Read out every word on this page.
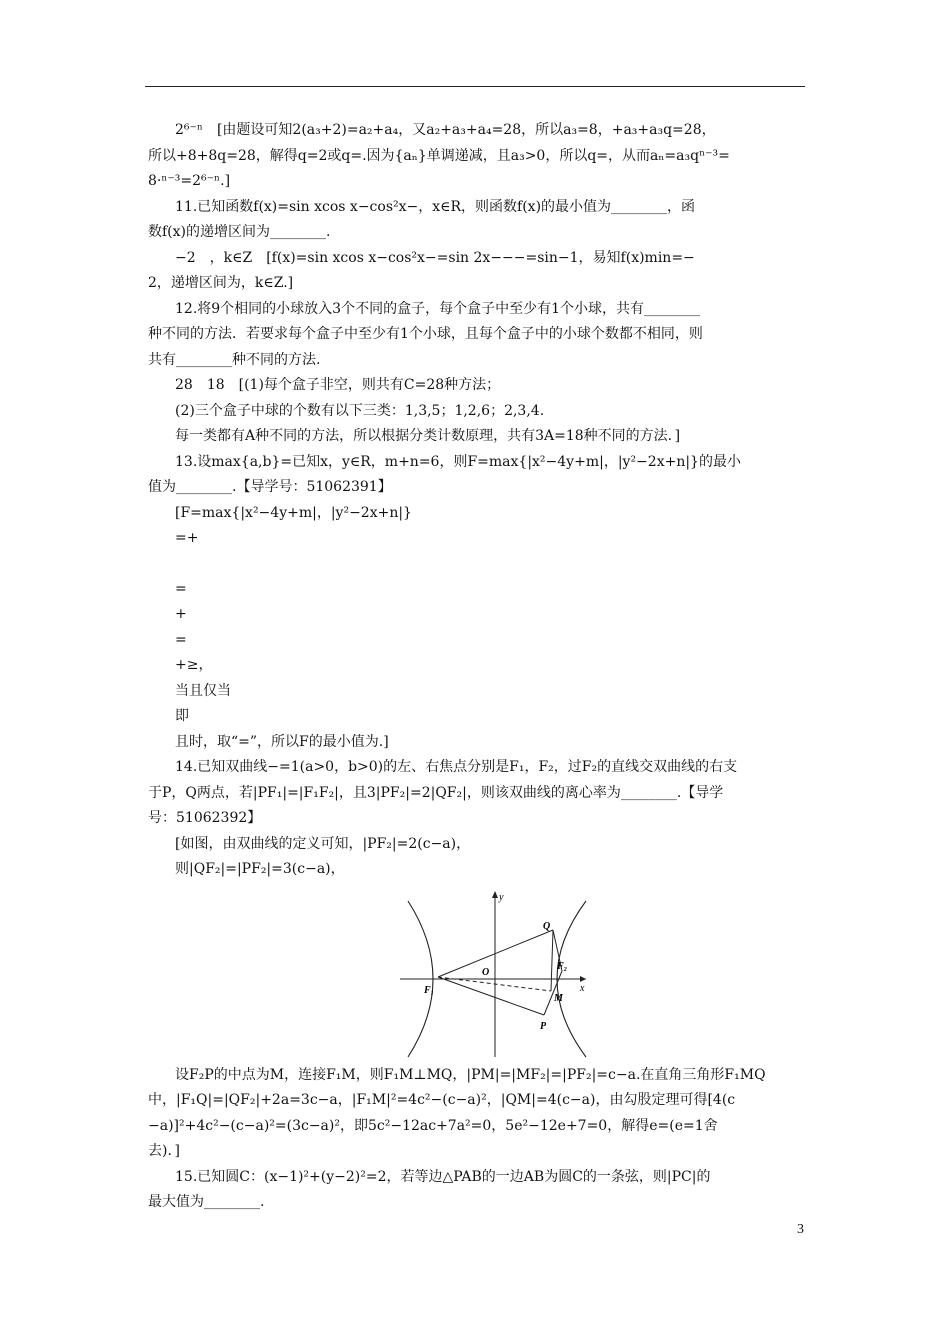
2⁶⁻ⁿ　[由题设可知2(a₃+2)=a₂+a₄，又a₂+a₃+a₄=28，所以a₃=8，+a₃+a₃q=28，

所以+8+8q=28，解得q=2或q=.因为{aₙ}单调递减，且a₃>0，所以q=，从而aₙ=a₃qⁿ⁻³=

8·ⁿ⁻³=2⁶⁻ⁿ.]

11.已知函数f(x)=sin xcos x−cos²x−，x∈R，则函数f(x)的最小值为________，函

数f(x)的递增区间为________.

−2　，k∈Z　[f(x)=sin xcos x−cos²x−=sin 2x−−−=sin−1，易知f(x)min=−

2，递增区间为，k∈Z.]

12.将9个相同的小球放入3个不同的盒子，每个盒子中至少有1个小球，共有________

种不同的方法．若要求每个盒子中至少有1个小球，且每个盒子中的小球个数都不相同，则

共有________种不同的方法.

28　18　[(1)每个盒子非空，则共有C=28种方法；

(2)三个盒子中球的个数有以下三类：1,3,5；1,2,6；2,3,4.

每一类都有A种不同的方法，所以根据分类计数原理，共有3A=18种不同的方法．]

13.设max{a,b}=已知x，y∈R，m+n=6，则F=max{|x²−4y+m|，|y²−2x+n|}的最小

值为________.【导学号：51062391】

[F=max{|x²−4y+m|，|y²−2x+n|}

=+

=

+

=

+≥，

当且仅当

即

且时，取“=”，所以F的最小值为.]

14.已知双曲线−=1(a>0，b>0)的左、右焦点分别是F₁，F₂，过F₂的直线交双曲线的右支

于P，Q两点，若|PF₁|=|F₁F₂|，且3|PF₂|=2|QF₂|，则该双曲线的离心率为________.【导学

号：51062392】

[如图，由双曲线的定义可知，|PF₂|=2(c−a)，

则|QF₂|=|PF₂|=3(c−a)，

y
x
O
F₁
F₂
Q
M
P

设F₂P的中点为M，连接F₁M，则F₁M⊥MQ，|PM|=|MF₂|=|PF₂|=c−a.在直角三角形F₁MQ

中，|F₁Q|=|QF₂|+2a=3c−a，|F₁M|²=4c²−(c−a)²，|QM|=4(c−a)，由勾股定理可得[4(c

−a)]²+4c²−(c−a)²=(3c−a)²，即5c²−12ac+7a²=0，5e²−12e+7=0，解得e=(e=1舍

去)．]

15.已知圆C：(x−1)²+(y−2)²=2，若等边△PAB的一边AB为圆C的一条弦，则|PC|的

最大值为________.

3
